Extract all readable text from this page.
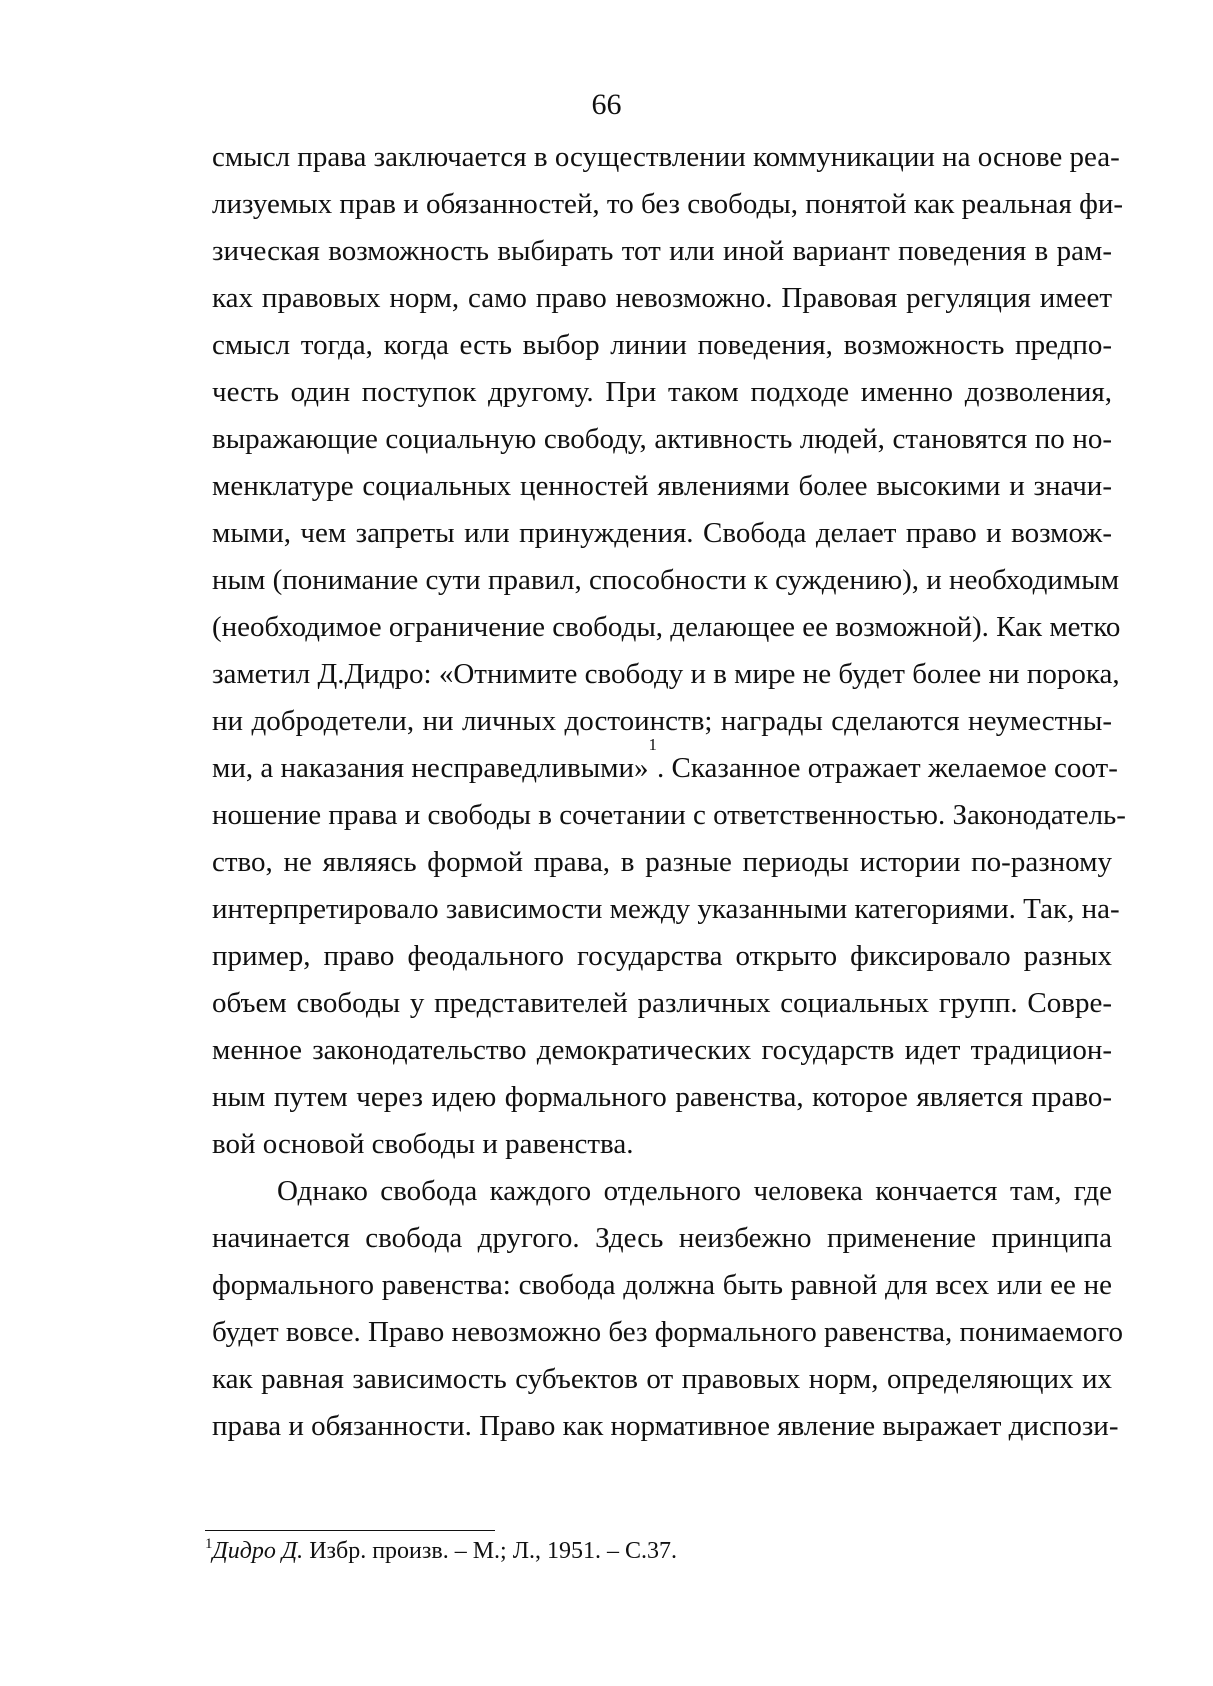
66
смысл права заключается в осуществлении коммуникации на основе реа-
лизуемых прав и обязанностей, то без свободы, понятой как реальная фи-
зическая возможность выбирать тот или иной вариант поведения в рам-
ках правовых норм, само право невозможно. Правовая регуляция имеет
смысл тогда, когда есть выбор линии поведения, возможность предпо-
честь один поступок другому. При таком подходе именно дозволения,
выражающие социальную свободу, активность людей, становятся по но-
менклатуре социальных ценностей явлениями более высокими и значи-
мыми, чем запреты или принуждения. Свобода делает право и возмож-
ным (понимание сути правил, способности к суждению), и необходимым
(необходимое ограничение свободы, делающее ее возможной). Как метко
заметил Д.Дидро: «Отнимите свободу и в мире не будет более ни порока,
ни добродетели, ни личных достоинств; награды сделаются неуместны-
ми, а наказания несправедливыми»$^1$. Сказанное отражает желаемое соот-
ношение права и свободы в сочетании с ответственностью. Законодатель-
ство, не являясь формой права, в разные периоды истории по-разному
интерпретировало зависимости между указанными категориями. Так, на-
пример, право феодального государства открыто фиксировало разных
объем свободы у представителей различных социальных групп. Совре-
менное законодательство демократических государств идет традицион-
ным путем через идею формального равенства, которое является право-
вой основой свободы и равенства.
Однако свобода каждого отдельного человека кончается там, где
начинается свобода другого. Здесь неизбежно применение принципа
формального равенства: свобода должна быть равной для всех или ее не
будет вовсе. Право невозможно без формального равенства, понимаемого
как равная зависимость субъектов от правовых норм, определяющих их
права и обязанности. Право как нормативное явление выражает диспози-
$^1$Дидро Д. Избр. произв. – М.; Л., 1951. – С.37.
